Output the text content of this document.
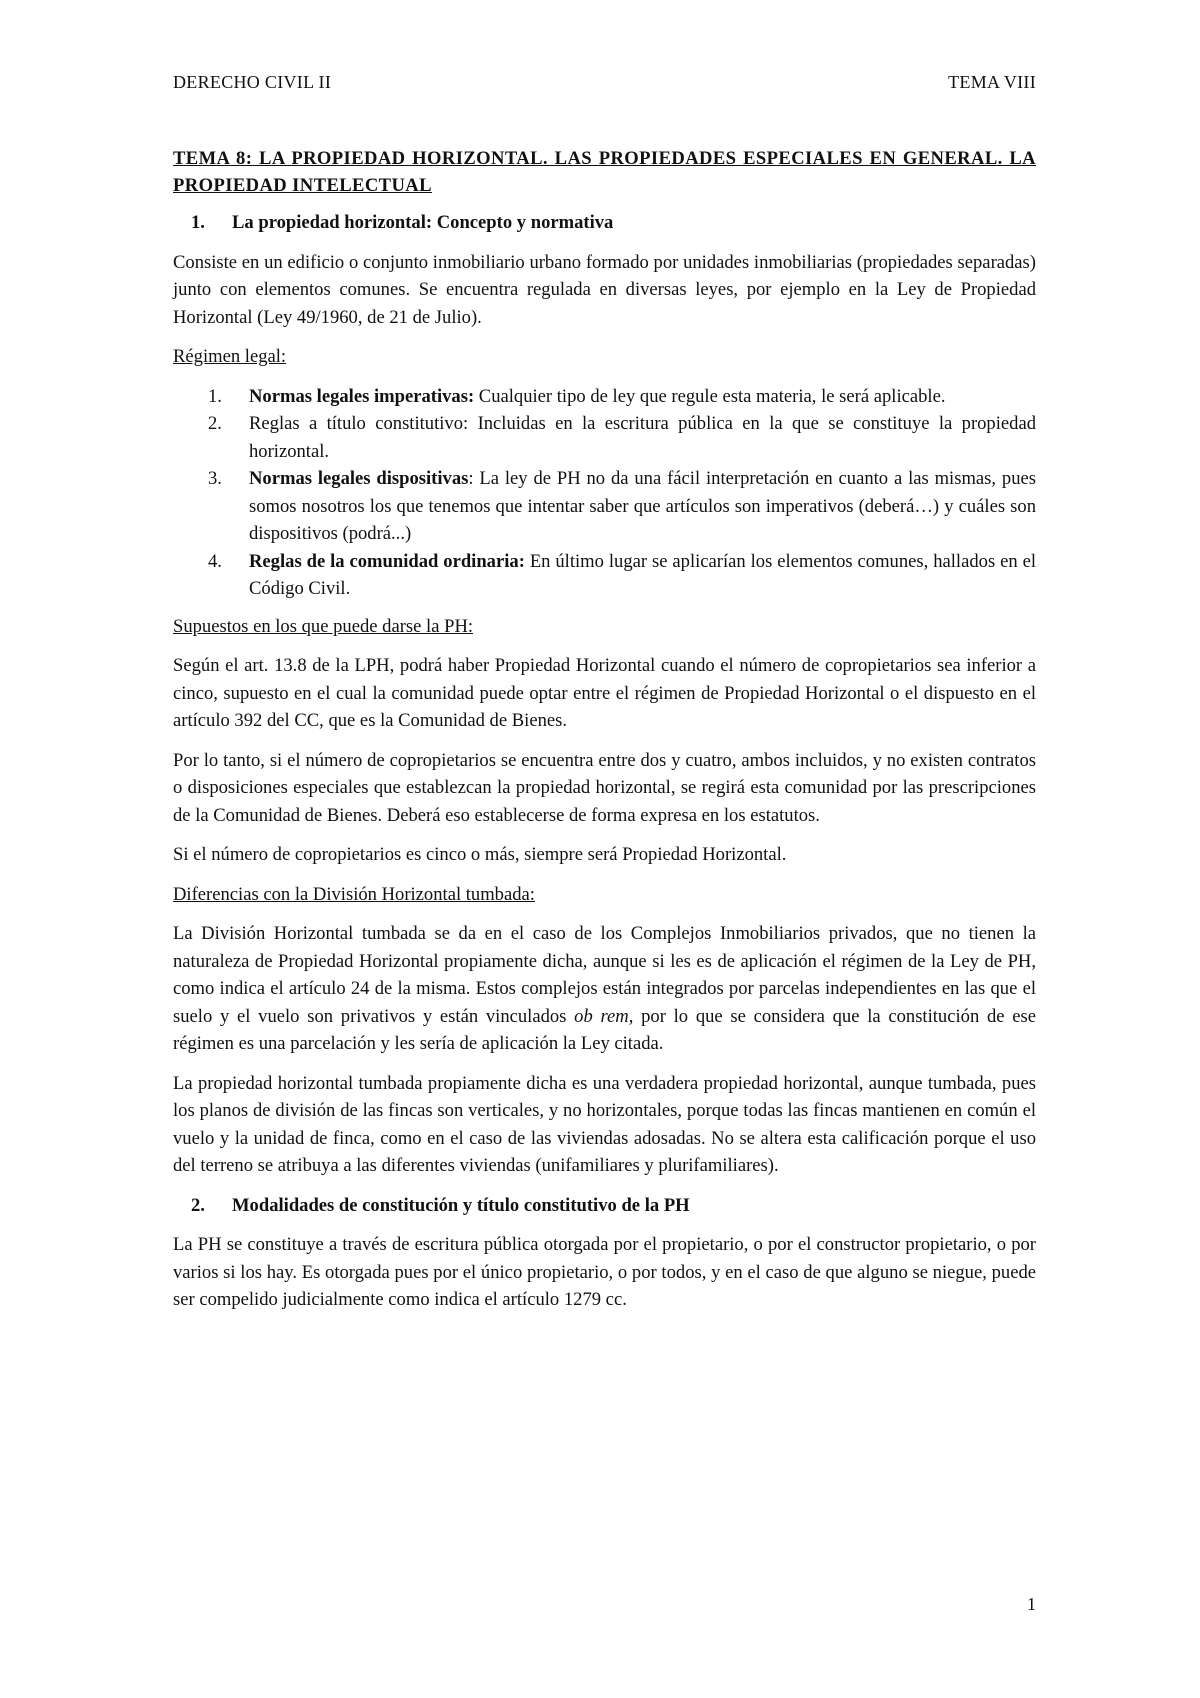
DERECHO CIVIL II	TEMA VIII
TEMA 8: LA PROPIEDAD HORIZONTAL. LAS PROPIEDADES ESPECIALES EN GENERAL. LA PROPIEDAD INTELECTUAL
1.	La propiedad horizontal: Concepto y normativa

Consiste en un edificio o conjunto inmobiliario urbano formado por unidades inmobiliarias (propiedades separadas) junto con elementos comunes. Se encuentra regulada en diversas leyes, por ejemplo en la Ley de Propiedad Horizontal (Ley 49/1960, de 21 de Julio).

Régimen legal:
1.	Normas legales imperativas: Cualquier tipo de ley que regule esta materia, le será aplicable.
2.	Reglas a título constitutivo: Incluidas en la escritura pública en la que se constituye la propiedad horizontal.
3.	Normas legales dispositivas: La ley de PH no da una fácil interpretación en cuanto a las mismas, pues somos nosotros los que tenemos que intentar saber que artículos son imperativos (deberá…) y cuáles son dispositivos (podrá...)
4.	Reglas de la comunidad ordinaria: En último lugar se aplicarían los elementos comunes, hallados en el Código Civil.
Supuestos en los que puede darse la PH:

Según el art. 13.8 de la LPH, podrá haber Propiedad Horizontal cuando el número de copropietarios sea inferior a cinco, supuesto en el cual la comunidad puede optar entre el régimen de Propiedad Horizontal o el dispuesto en el artículo 392 del CC, que es la Comunidad de Bienes.

Por lo tanto, si el número de copropietarios se encuentra entre dos y cuatro, ambos incluidos, y no existen contratos o disposiciones especiales que establezcan la propiedad horizontal, se regirá esta comunidad por las prescripciones de la Comunidad de Bienes. Deberá eso establecerse de forma expresa en los estatutos.

Si el número de copropietarios es cinco o más, siempre será Propiedad Horizontal.

Diferencias con la División Horizontal tumbada:

La División Horizontal tumbada se da en el caso de los Complejos Inmobiliarios privados, que no tienen la naturaleza de Propiedad Horizontal propiamente dicha, aunque si les es de aplicación el régimen de la Ley de PH, como indica el artículo 24 de la misma. Estos complejos están integrados por parcelas independientes en las que el suelo y el vuelo son privativos y están vinculados ob rem, por lo que se considera que la constitución de ese régimen es una parcelación y les sería de aplicación la Ley citada.

La propiedad horizontal tumbada propiamente dicha es una verdadera propiedad horizontal, aunque tumbada, pues los planos de división de las fincas son verticales, y no horizontales, porque todas las fincas mantienen en común el vuelo y la unidad de finca, como en el caso de las viviendas adosadas. No se altera esta calificación porque el uso del terreno se atribuya a las diferentes viviendas (unifamiliares y plurifamiliares).

2.	Modalidades de constitución y título constitutivo de la PH

La PH se constituye a través de escritura pública otorgada por el propietario, o por el constructor propietario, o por varios si los hay. Es otorgada pues por el único propietario, o por todos, y en el caso de que alguno se niegue, puede ser compelido judicialmente como indica el artículo 1279 cc.

1
